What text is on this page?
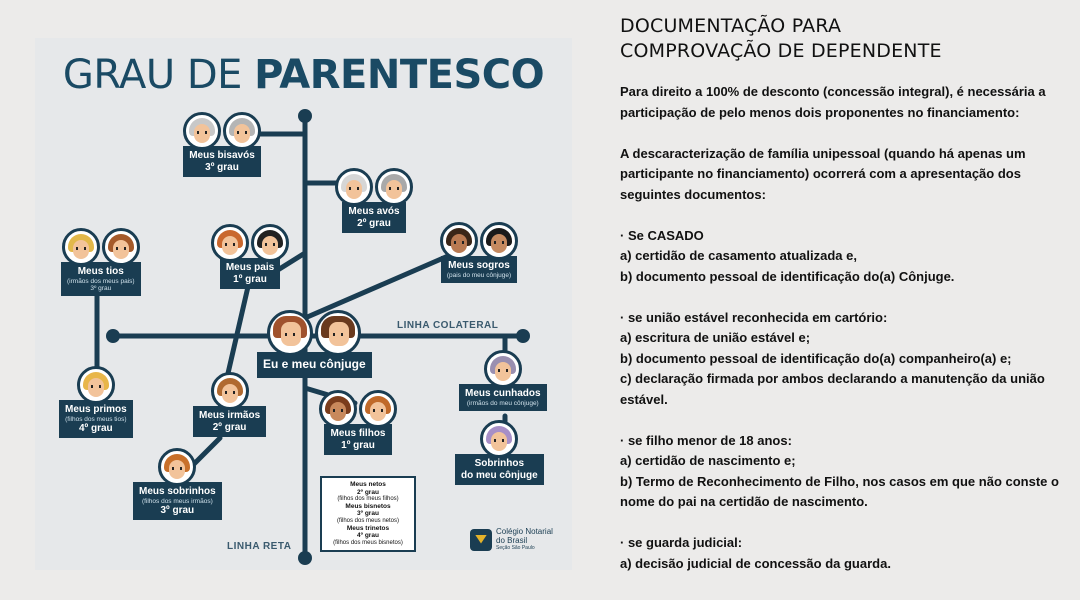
GRAU DE PARENTESCO
Meus bisavós
3º grau
Meus avós
2º grau
Meus tios
(irmãos dos meus pais)
3º grau
Meus pais
1º grau
Meus sogros
(pais do meu cônjuge)
Eu e meu cônjuge
LINHA COLATERAL
Meus primos
(filhos dos meus tios)
4º grau
Meus irmãos
2º grau
Meus cunhados
(irmãos do meu cônjuge)
Meus filhos
1º grau
Sobrinhos
do meu cônjuge
Meus sobrinhos
(filhos dos meus irmãos)
3º grau
Meus netos
2º grau
(filhos dos meus filhos)
Meus bisnetos
3º grau
(filhos dos meus netos)
Meus trinetos
4º grau
(filhos dos meus bisnetos)
LINHA RETA
Colégio Notarial
do Brasil
Seção São Paulo
DOCUMENTAÇÃO PARA
COMPROVAÇÃO DE DEPENDENTE

Para direito a 100% de desconto (concessão integral), é necessária a participação de pelo menos dois proponentes no financiamento:

A descaracterização de família unipessoal (quando há apenas um participante no financiamento) ocorrerá com a apresentação dos seguintes documentos:

· Se CASADO

a) certidão de casamento atualizada e,

b) documento pessoal de identificação do(a) Cônjuge.

· se união estável reconhecida em cartório:

a) escritura de união estável e;

b) documento pessoal de identificação do(a) companheiro(a) e;

c) declaração firmada por ambos declarando a manutenção da união estável.

· se filho menor de 18 anos:

a) certidão de nascimento e;

b) Termo de Reconhecimento de Filho, nos casos em que não conste o nome do pai na certidão de nascimento.

· se guarda judicial:

a) decisão judicial de concessão da guarda.
